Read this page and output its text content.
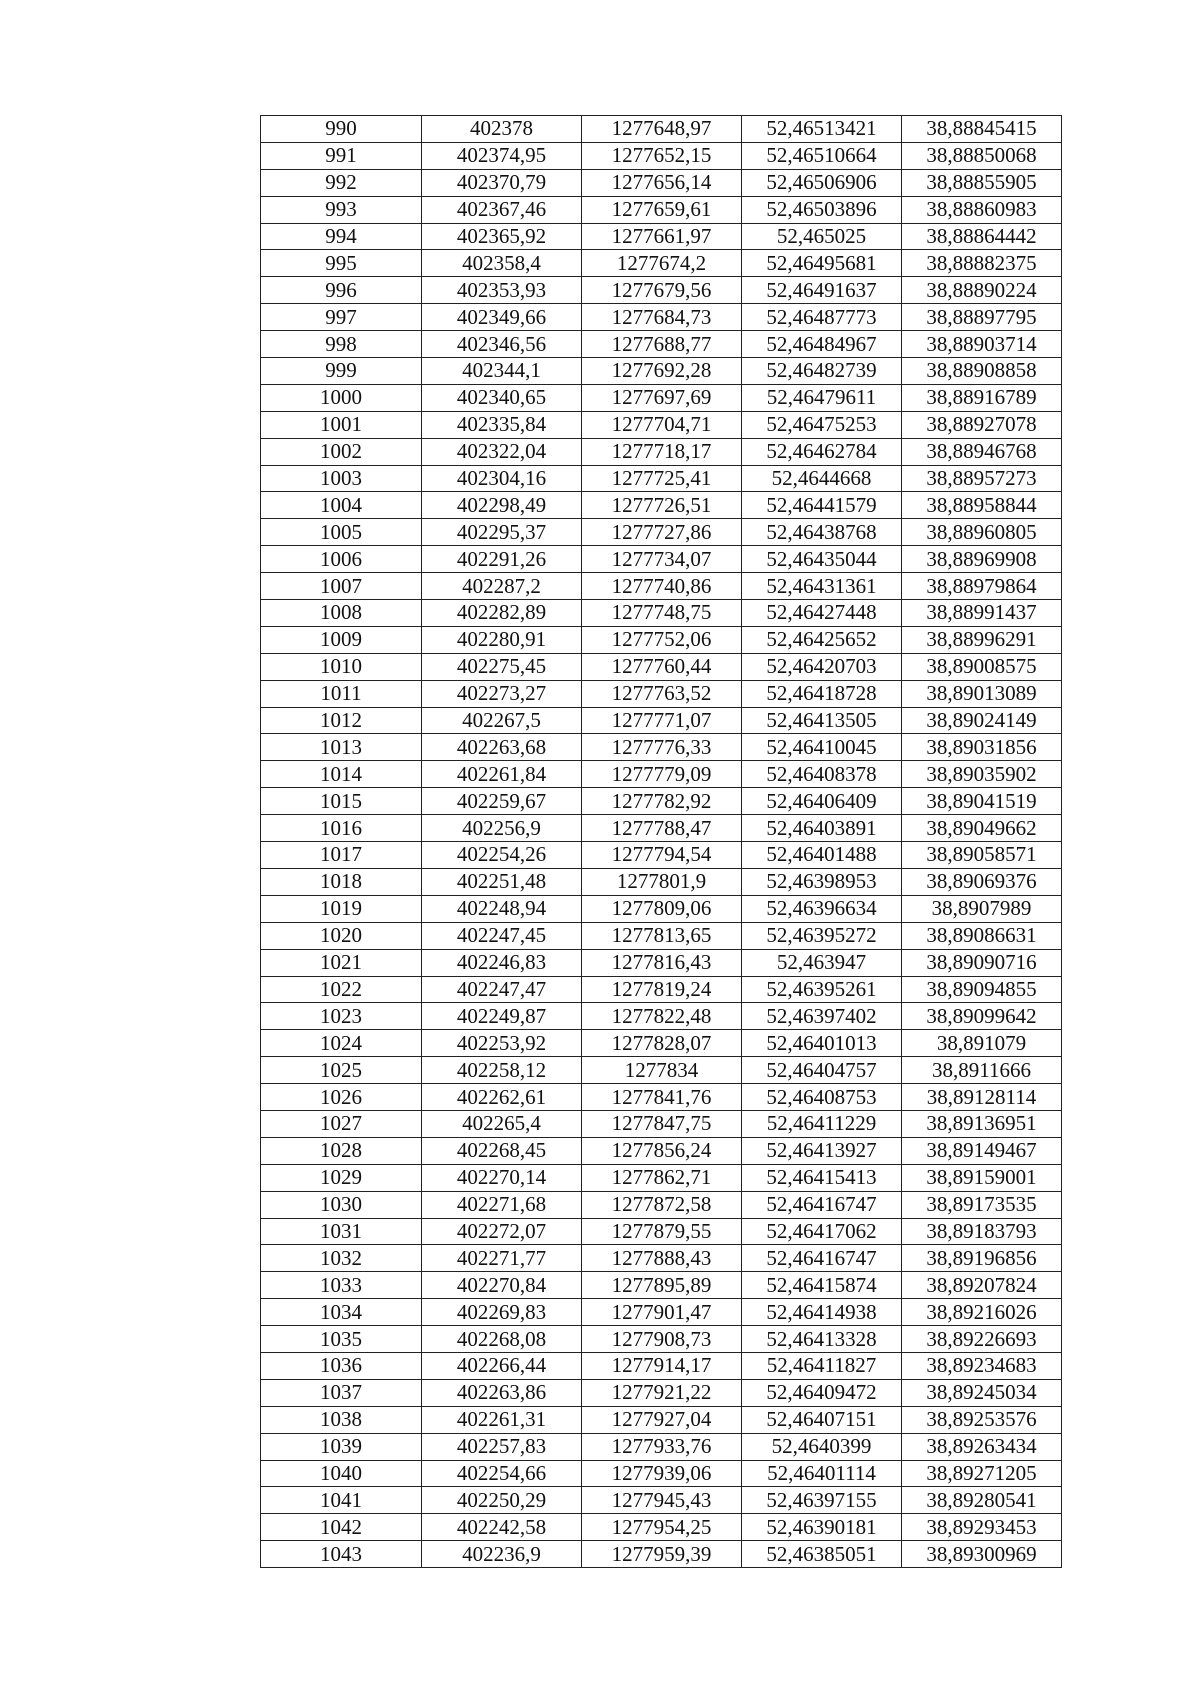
990	402378	1277648,97	52,46513421	38,88845415
991	402374,95	1277652,15	52,46510664	38,88850068
992	402370,79	1277656,14	52,46506906	38,88855905
993	402367,46	1277659,61	52,46503896	38,88860983
994	402365,92	1277661,97	52,465025	38,88864442
995	402358,4	1277674,2	52,46495681	38,88882375
996	402353,93	1277679,56	52,46491637	38,88890224
997	402349,66	1277684,73	52,46487773	38,88897795
998	402346,56	1277688,77	52,46484967	38,88903714
999	402344,1	1277692,28	52,46482739	38,88908858
1000	402340,65	1277697,69	52,46479611	38,88916789
1001	402335,84	1277704,71	52,46475253	38,88927078
1002	402322,04	1277718,17	52,46462784	38,88946768
1003	402304,16	1277725,41	52,4644668	38,88957273
1004	402298,49	1277726,51	52,46441579	38,88958844
1005	402295,37	1277727,86	52,46438768	38,88960805
1006	402291,26	1277734,07	52,46435044	38,88969908
1007	402287,2	1277740,86	52,46431361	38,88979864
1008	402282,89	1277748,75	52,46427448	38,88991437
1009	402280,91	1277752,06	52,46425652	38,88996291
1010	402275,45	1277760,44	52,46420703	38,89008575
1011	402273,27	1277763,52	52,46418728	38,89013089
1012	402267,5	1277771,07	52,46413505	38,89024149
1013	402263,68	1277776,33	52,46410045	38,89031856
1014	402261,84	1277779,09	52,46408378	38,89035902
1015	402259,67	1277782,92	52,46406409	38,89041519
1016	402256,9	1277788,47	52,46403891	38,89049662
1017	402254,26	1277794,54	52,46401488	38,89058571
1018	402251,48	1277801,9	52,46398953	38,89069376
1019	402248,94	1277809,06	52,46396634	38,8907989
1020	402247,45	1277813,65	52,46395272	38,89086631
1021	402246,83	1277816,43	52,463947	38,89090716
1022	402247,47	1277819,24	52,46395261	38,89094855
1023	402249,87	1277822,48	52,46397402	38,89099642
1024	402253,92	1277828,07	52,46401013	38,891079
1025	402258,12	1277834	52,46404757	38,8911666
1026	402262,61	1277841,76	52,46408753	38,89128114
1027	402265,4	1277847,75	52,46411229	38,89136951
1028	402268,45	1277856,24	52,46413927	38,89149467
1029	402270,14	1277862,71	52,46415413	38,89159001
1030	402271,68	1277872,58	52,46416747	38,89173535
1031	402272,07	1277879,55	52,46417062	38,89183793
1032	402271,77	1277888,43	52,46416747	38,89196856
1033	402270,84	1277895,89	52,46415874	38,89207824
1034	402269,83	1277901,47	52,46414938	38,89216026
1035	402268,08	1277908,73	52,46413328	38,89226693
1036	402266,44	1277914,17	52,46411827	38,89234683
1037	402263,86	1277921,22	52,46409472	38,89245034
1038	402261,31	1277927,04	52,46407151	38,89253576
1039	402257,83	1277933,76	52,4640399	38,89263434
1040	402254,66	1277939,06	52,46401114	38,89271205
1041	402250,29	1277945,43	52,46397155	38,89280541
1042	402242,58	1277954,25	52,46390181	38,89293453
1043	402236,9	1277959,39	52,46385051	38,89300969
